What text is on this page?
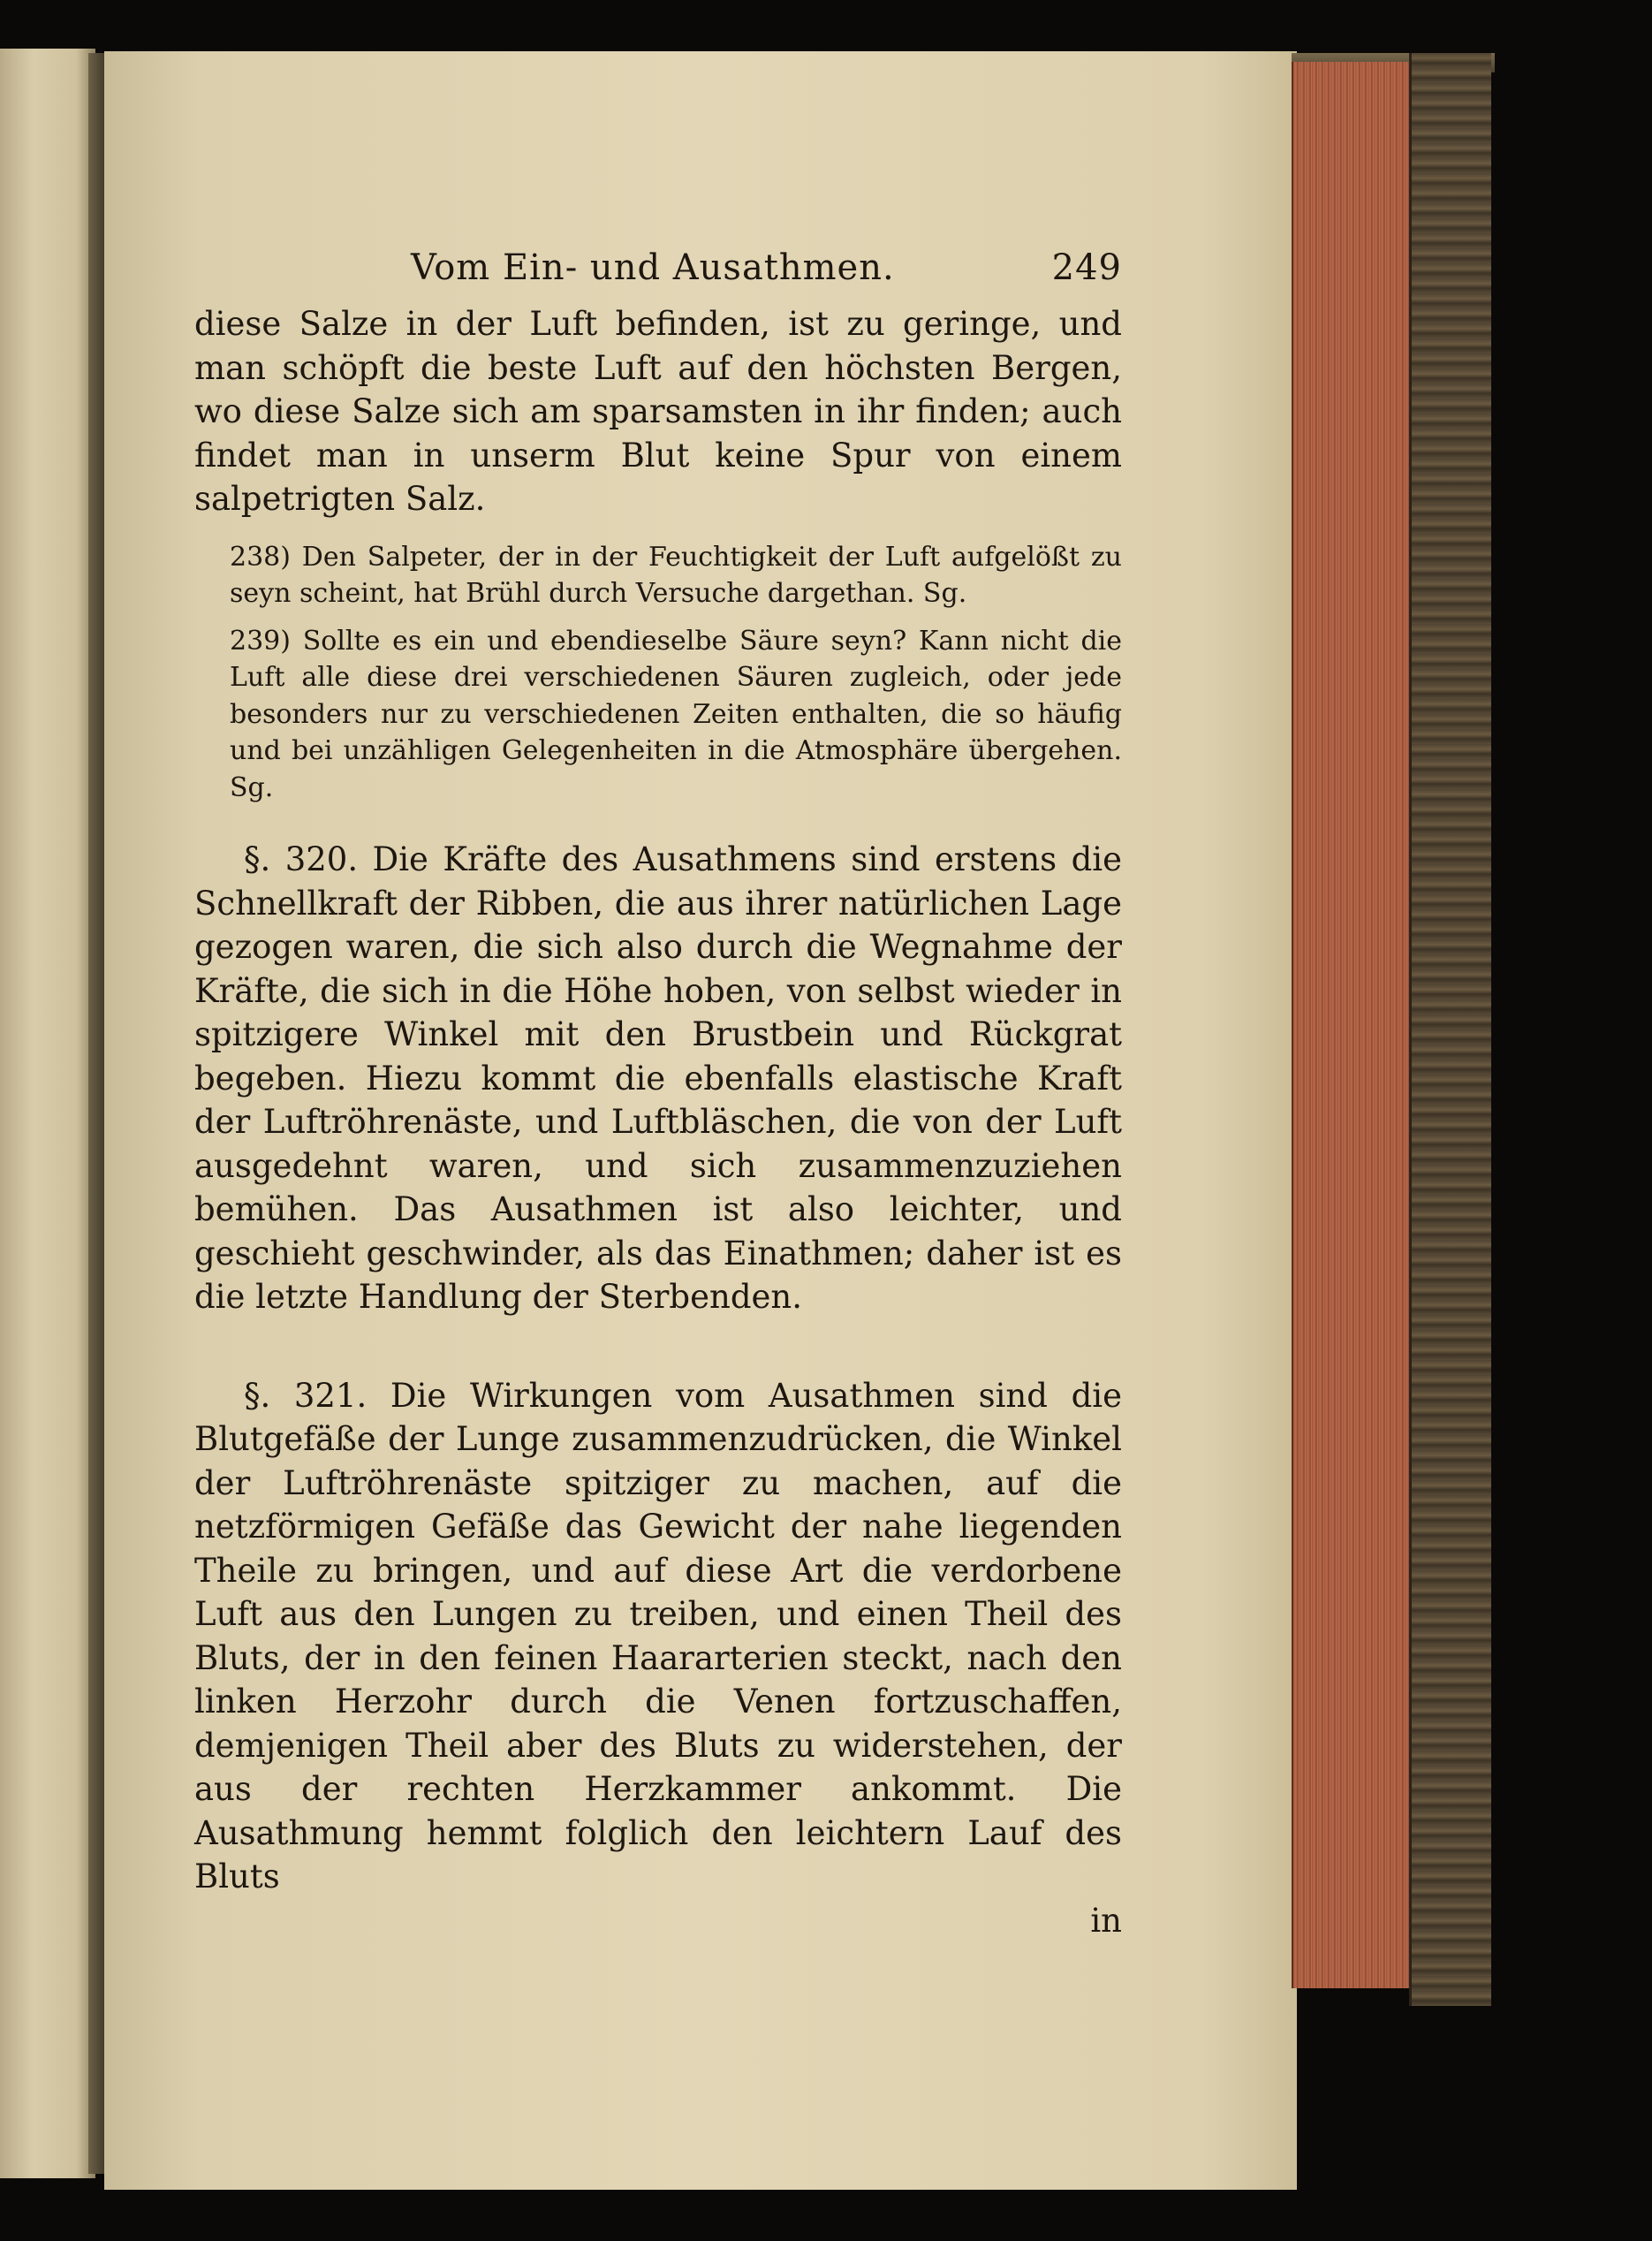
Vom Ein- und Ausathmen.	249

diese Salze in der Luft befinden, ist zu geringe, und man schöpft die beste Luft auf den höchsten Bergen, wo diese Salze sich am sparsamsten in ihr finden; auch findet man in unserm Blut keine Spur von einem salpetrigten Salz.

238) Den Salpeter, der in der Feuchtigkeit der Luft aufgelößt zu seyn scheint, hat Brühl durch Versuche dargethan. Sg.

239) Sollte es ein und ebendieselbe Säure seyn? Kann nicht die Luft alle diese drei verschiedenen Säuren zugleich, oder jede besonders nur zu verschiedenen Zeiten enthalten, die so häufig und bei unzähligen Gelegenheiten in die Atmosphäre übergehen. Sg.

§. 320. Die Kräfte des Ausathmens sind erstens die Schnellkraft der Ribben, die aus ihrer natürlichen Lage gezogen waren, die sich also durch die Wegnahme der Kräfte, die sich in die Höhe hoben, von selbst wieder in spitzigere Winkel mit den Brustbein und Rückgrat begeben. Hiezu kommt die ebenfalls elastische Kraft der Luftröhrenäste, und Luftbläschen, die von der Luft ausgedehnt waren, und sich zusammenzuziehen bemühen. Das Ausathmen ist also leichter, und geschieht geschwinder, als das Einathmen; daher ist es die letzte Handlung der Sterbenden.

§. 321. Die Wirkungen vom Ausathmen sind die Blutgefäße der Lunge zusammenzudrücken, die Winkel der Luftröhrenäste spitziger zu machen, auf die netzförmigen Gefäße das Gewicht der nahe liegenden Theile zu bringen, und auf diese Art die verdorbene Luft aus den Lungen zu treiben, und einen Theil des Bluts, der in den feinen Haararterien steckt, nach den linken Herzohr durch die Venen fortzuschaffen, demjenigen Theil aber des Bluts zu widerstehen, der aus der rechten Herzkammer ankommt. Die Ausathmung hemmt folglich den leichtern Lauf des Bluts

in
